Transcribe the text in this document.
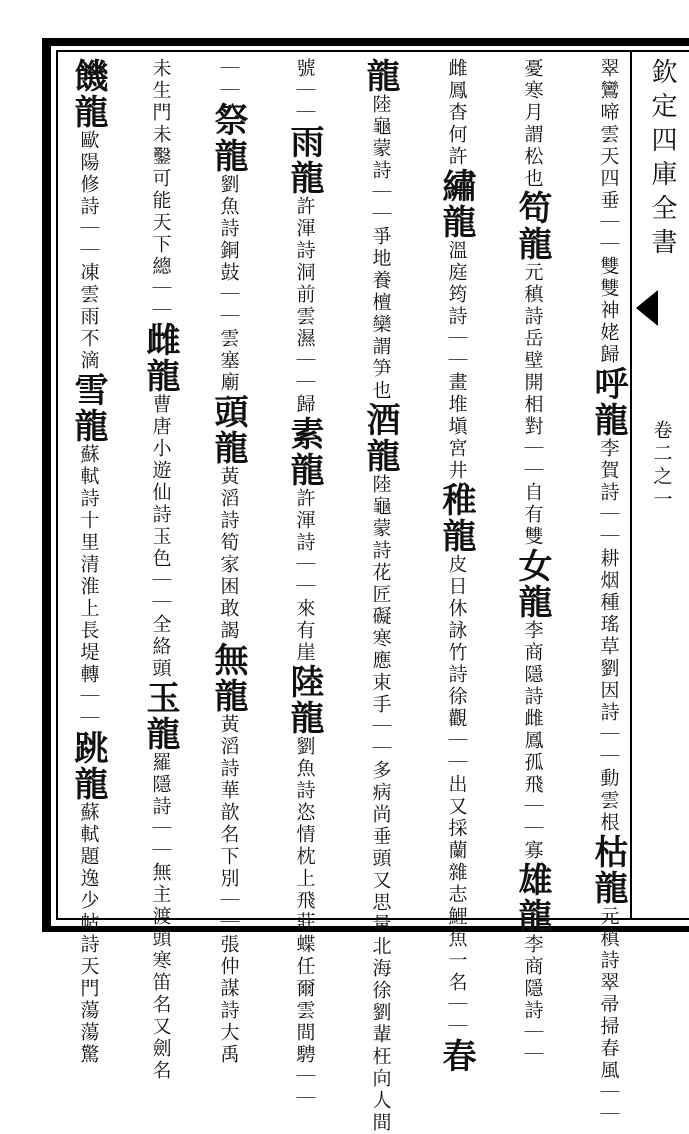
欽定四庫全書
卷二之一
翠鸞啼雲天四垂｜｜雙雙神姥歸
呼龍
李賀詩｜｜耕烟種瑤草劉因詩｜｜動雲根
枯龍
元稹詩翠帚掃春風｜｜
憂寒月謂松也
笱龍
元稹詩岳壁開相對｜｜自有雙
女龍
李商隱詩雌鳳孤飛｜｜寡
雄龍
李商隱詩｜｜
雌鳳杳何許
繡龍
溫庭筠詩｜｜畫堆塡宮井
稚龍
皮日休詠竹詩徐觀｜｜出又採蘭雜志鯉魚一名｜｜
春
龍
陸龜蒙詩｜｜爭地養檀欒謂笋也
酒龍
陸龜蒙詩花匠礙寒應束手｜｜多病尚垂頭又思量北海徐劉輩枉向人間
號｜｜
雨龍
許渾詩洞前雲濕｜｜歸
素龍
許渾詩｜｜來有崖
陸龍
劉魚詩恣情枕上飛莊蝶任爾雲間騁｜｜
｜｜
祭龍
劉魚詩銅鼓｜｜雲塞廟
頭龍
黃滔詩筍家困敢謁
無龍
黃滔詩華歆名下別｜｜張仲謀詩大禹
未生門未鑿可能天下總｜｜
雌龍
曹唐小遊仙詩玉色｜｜全絡頭
玉龍
羅隱詩｜｜無主渡頭寒笛名又劍名
饑龍
歐陽修詩｜｜凍雲雨不滴
雪龍
蘇軾詩十里清淮上長堤轉｜｜
跳龍
蘇軾題逸少帖詩天門蕩蕩驚
